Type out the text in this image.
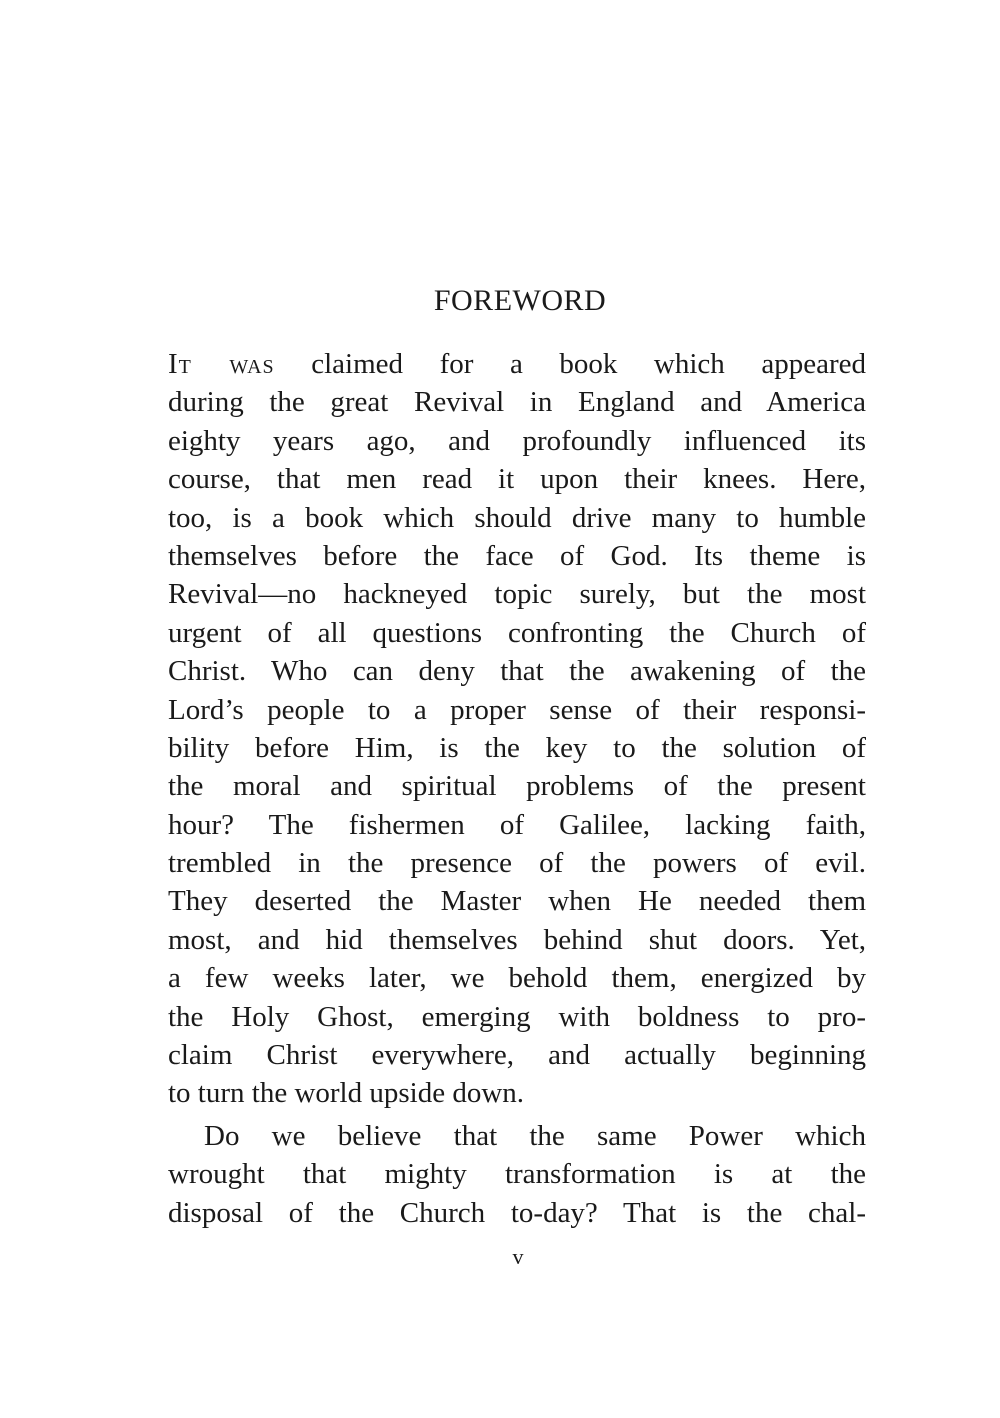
FOREWORD
It was claimed for a book which appeared
during the great Revival in England and America
eighty years ago, and profoundly influenced its
course, that men read it upon their knees. Here,
too, is a book which should drive many to humble
themselves before the face of God. Its theme is
Revival—no hackneyed topic surely, but the most
urgent of all questions confronting the Church of
Christ. Who can deny that the awakening of the
Lord’s people to a proper sense of their responsi-
bility before Him, is the key to the solution of
the moral and spiritual problems of the present
hour? The fishermen of Galilee, lacking faith,
trembled in the presence of the powers of evil.
They deserted the Master when He needed them
most, and hid themselves behind shut doors. Yet,
a few weeks later, we behold them, energized by
the Holy Ghost, emerging with boldness to pro-
claim Christ everywhere, and actually beginning
to turn the world upside down.
Do we believe that the same Power which
wrought that mighty transformation is at the
disposal of the Church to-day? That is the chal-
v
